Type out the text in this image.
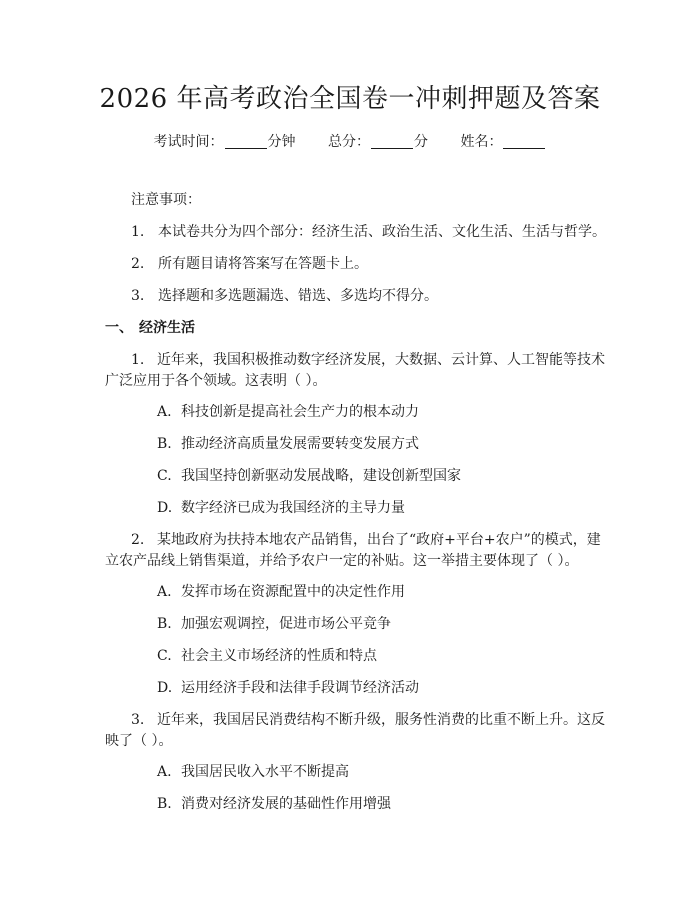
2026 年高考政治全国卷一冲刺押题及答案
考试时间：	分钟 总分：	分 姓名：
注意事项：
1. 本试卷共分为四个部分：经济生活、政治生活、文化生活、生活与哲学。
2. 所有题目请将答案写在答题卡上。
3. 选择题和多选题漏选、错选、多选均不得分。
一、 经济生活
1. 近年来，我国积极推动数字经济发展，大数据、云计算、人工智能等技术
广泛应用于各个领域。这表明（ ）。
A. 科技创新是提高社会生产力的根本动力
B. 推动经济高质量发展需要转变发展方式
C. 我国坚持创新驱动发展战略，建设创新型国家
D. 数字经济已成为我国经济的主导力量
2. 某地政府为扶持本地农产品销售，出台了“政府+平台+农户”的模式，建
立农产品线上销售渠道，并给予农户一定的补贴。这一举措主要体现了（ ）。
A. 发挥市场在资源配置中的决定性作用
B. 加强宏观调控，促进市场公平竞争
C. 社会主义市场经济的性质和特点
D. 运用经济手段和法律手段调节经济活动
3. 近年来，我国居民消费结构不断升级，服务性消费的比重不断上升。这反
映了（ ）。
A. 我国居民收入水平不断提高
B. 消费对经济发展的基础性作用增强
